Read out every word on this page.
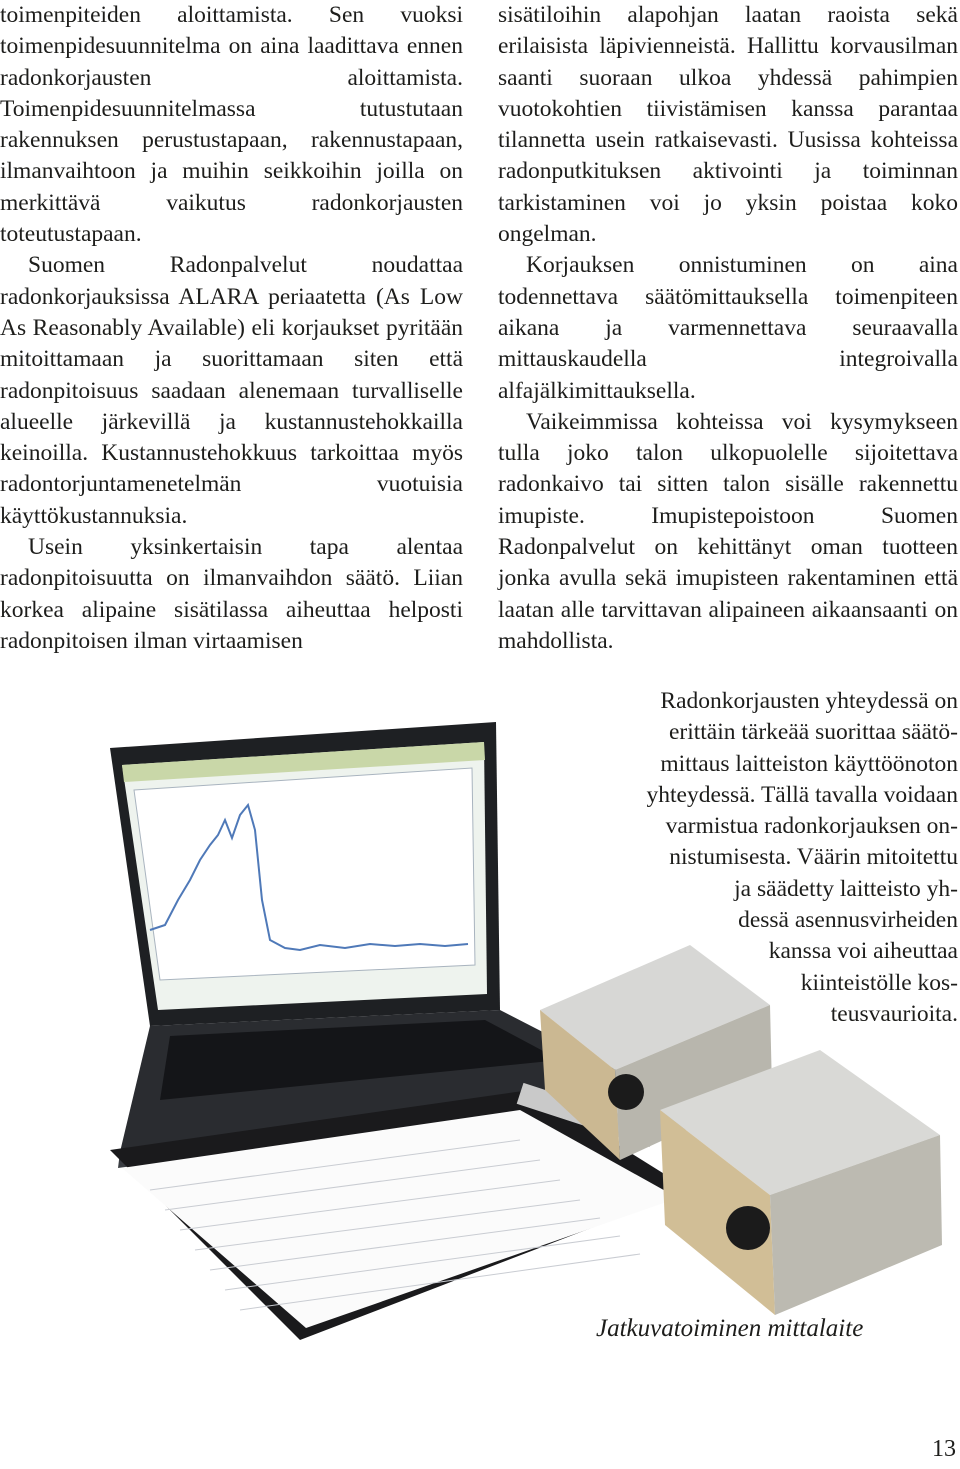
toimenpiteiden aloittamista. Sen vuoksi toimenpidesuunnitelma on aina laadittava ennen radonkorjausten aloittamista. Toimenpidesuunnitelmassa tutustutaan rakennuksen perustustapaan, rakennustapaan, ilmanvaihtoon ja muihin seikkoihin joilla on merkittävä vaikutus radonkorjausten toteutustapaan.

Suomen Radonpalvelut noudattaa radonkorjauksissa ALARA periaatetta (As Low As Reasonably Available) eli korjaukset pyritään mitoittamaan ja suorittamaan siten että radonpitoisuus saadaan alenemaan turvalliselle alueelle järkevillä ja kustannustehokkailla keinoilla. Kustannustehokkuus tarkoittaa myös radontorjuntamenetelmän vuotuisia käyttökustannuksia.

Usein yksinkertaisin tapa alentaa radonpitoisuutta on ilmanvaihdon säätö. Liian korkea alipaine sisätilassa aiheuttaa helposti radonpitoisen ilman virtaamisen

sisätiloihin alapohjan laatan raoista sekä erilaisista läpivienneistä. Hallittu korvausilman saanti suoraan ulkoa yhdessä pahimpien vuotokohtien tiivistämisen kanssa parantaa tilannetta usein ratkaisevasti. Uusissa kohteissa radonputkituksen aktivointi ja toiminnan tarkistaminen voi jo yksin poistaa koko ongelman.

Korjauksen onnistuminen on aina todennettava säätömittauksella toimenpiteen aikana ja varmennettava seuraavalla mittauskaudella integroivalla alfajälkimittauksella.

Vaikeimmissa kohteissa voi kysymykseen tulla joko talon ulkopuolelle sijoitettava radonkaivo tai sitten talon sisälle rakennettu imupiste. Imupistepoistoon Suomen Radonpalvelut on kehittänyt oman tuotteen jonka avulla sekä imupisteen rakentaminen että laatan alle tarvittavan alipaineen aikaansaanti on mahdollista.

Radonkorjausten yhteydessä on
erittäin tärkeää suorittaa säätö-
mittaus laitteiston käyttöönoton
yhteydessä. Tällä tavalla voidaan
varmistua radonkorjauksen on-
nistumisesta. Väärin mitoitettu
ja säädetty laitteisto yh-
dessä asennusvirheiden
kanssa voi aiheuttaa
kiinteistölle kos-
teusvaurioita.
Jatkuvatoiminen mittalaite
13
